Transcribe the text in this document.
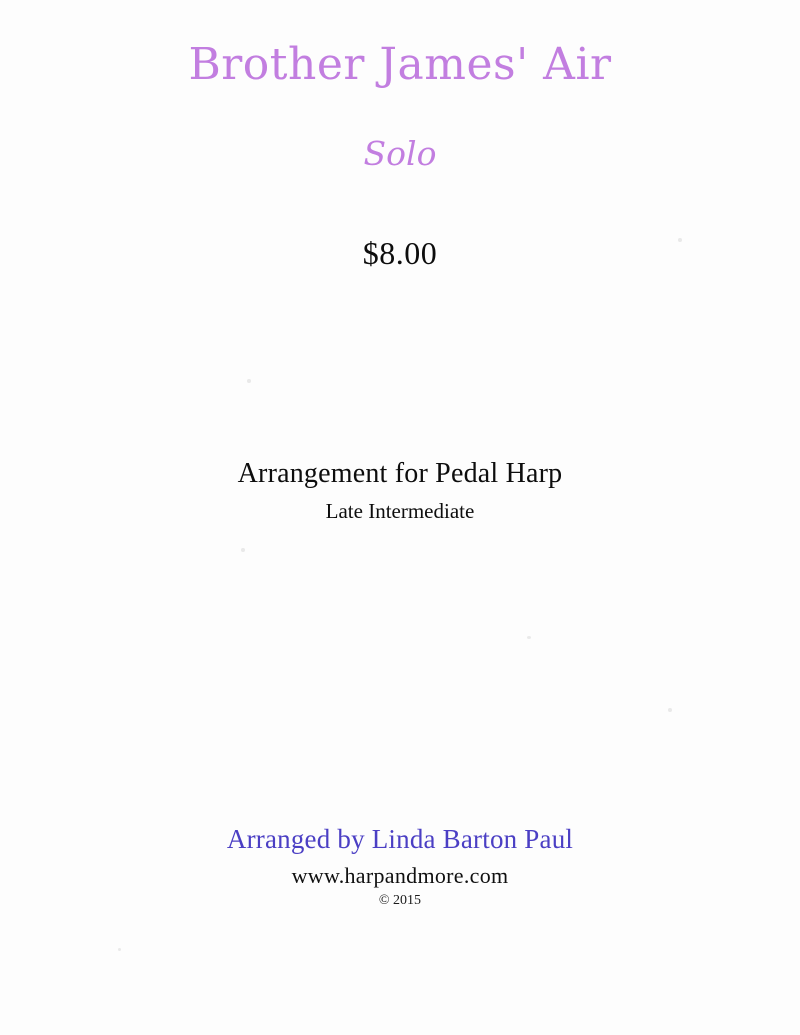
Brother James' Air
Solo
$8.00
Arrangement for Pedal Harp
Late Intermediate
Arranged by Linda Barton Paul
www.harpandmore.com
© 2015
